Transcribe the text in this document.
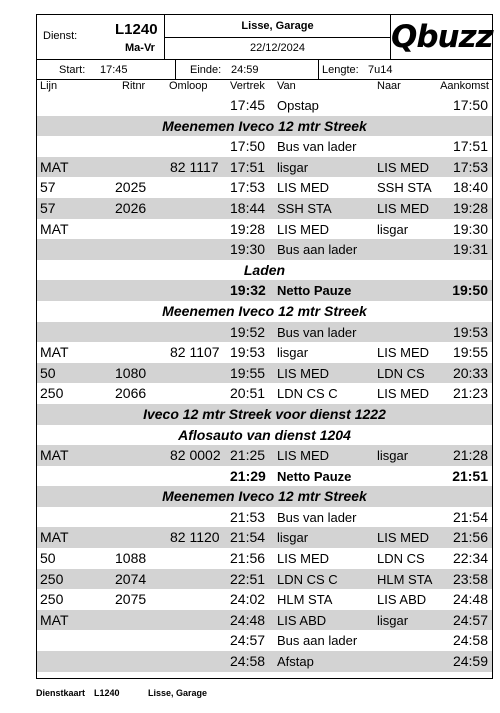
Dienst:	L1240
Ma-Vr
Lisse, Garage
22/12/2024	Qbuzz
Start: 17:45	Einde: 24:59	Lengte: 7u14
Lijn	Ritnr Omloop Vertrek Van	Naar	Aankomst
17:45 Opstap	17:50
Meenemen Iveco 12 mtr Streek
17:50 Bus van lader	17:51
MAT	82 1117 17:51 lisgar	LIS MED 17:53
57	2025	17:53 LIS MED	SSH STA 18:40
57	2026	18:44 SSH STA	LIS MED 19:28
MAT	19:28 LIS MED	lisgar	19:30
19:30 Bus aan lader	19:31
Laden
19:32 Netto Pauze	19:50
Meenemen Iveco 12 mtr Streek
19:52 Bus van lader	19:53
MAT	82 1107 19:53 lisgar	LIS MED 19:55
50	1080	19:55 LIS MED	LDN CS 20:33
250	2066	20:51 LDN CS C	LIS MED 21:23
Iveco 12 mtr Streek voor dienst 1222
Aflosauto van dienst 1204
MAT	82 0002 21:25 LIS MED	lisgar	21:28
21:29 Netto Pauze	21:51
Meenemen Iveco 12 mtr Streek
21:53 Bus van lader	21:54
MAT	82 1120 21:54 lisgar	LIS MED 21:56
50	1088	21:56 LIS MED	LDN CS 22:34
250	2074	22:51 LDN CS C	HLM STA 23:58
250	2075	24:02 HLM STA	LIS ABD 24:48
MAT	24:48 LIS ABD	lisgar	24:57
24:57 Bus aan lader	24:58
24:58 Afstap	24:59
Dienstkaart L1240	Lisse, Garage
